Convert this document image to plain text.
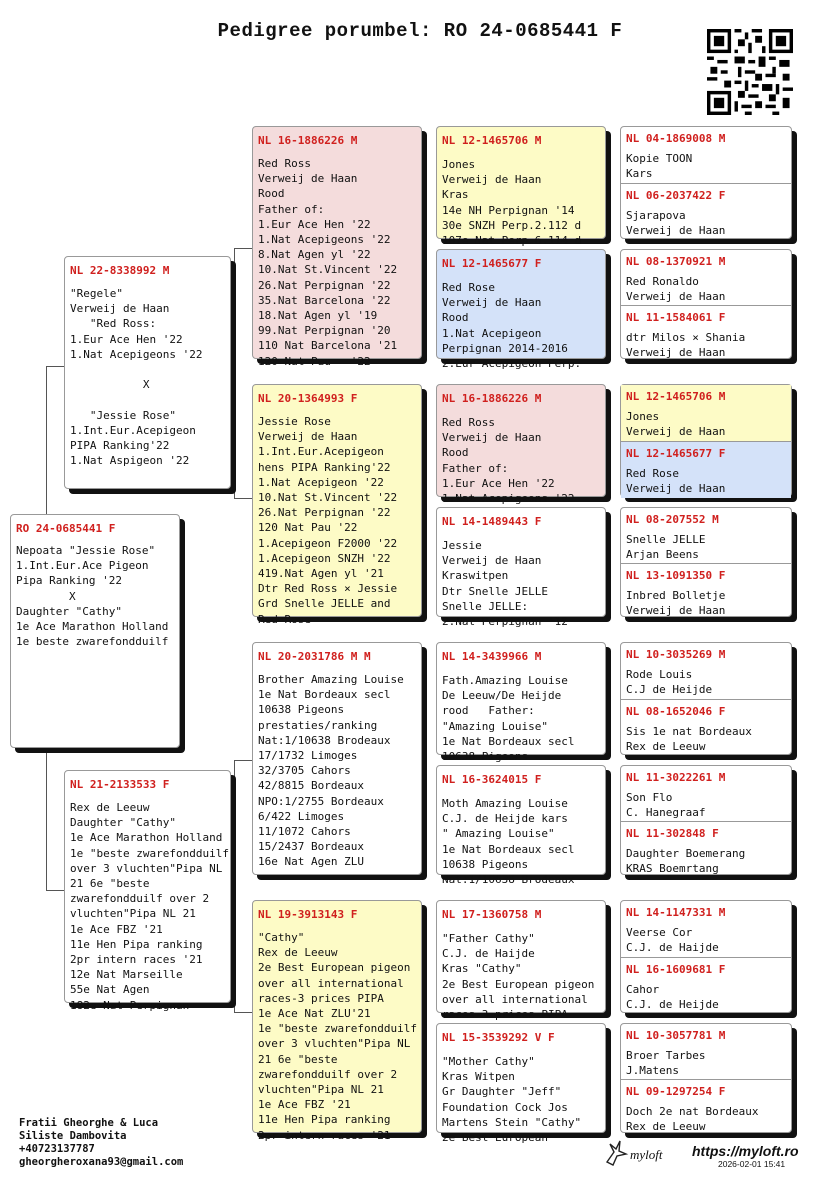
Pedigree porumbel: RO 24-0685441 F
RO 24-0685441 F
Nepoata "Jessie Rose"
1.Int.Eur.Ace Pigeon
Pipa Ranking '22
X
Daughter "Cathy"
1e Ace Marathon Holland
1e beste zwarefondduilf
NL 22-8338992 M
"Regele"
Verweij de Haan
"Red Ross:
1.Eur Ace Hen '22
1.Nat Acepigeons '22

X

"Jessie Rose"
1.Int.Eur.Acepigeon
PIPA Ranking'22
1.Nat Aspigeon '22
NL 21-2133533 F
Rex de Leeuw
Daughter "Cathy"
1e Ace Marathon Holland
1e "beste zwarefondduilf
over 3 vluchten"Pipa NL
21 6e "beste
zwarefondduilf over 2
vluchten"Pipa NL 21
1e Ace FBZ '21
11e Hen Pipa ranking
2pr intern races '21
12e Nat Marseille
55e Nat Agen
182e Nat Perpignan
NL 16-1886226 M
Red Ross
Verweij de Haan
Rood
Father of:
1.Eur Ace Hen '22
1.Nat Acepigeons '22
8.Nat Agen yl '22
10.Nat St.Vincent '22
26.Nat Perpignan '22
35.Nat Barcelona '22
18.Nat Agen yl '19
99.Nat Perpignan '20
110 Nat Barcelona '21
120 Nat Pau   '22
NL 20-1364993 F
Jessie Rose
Verweij de Haan
1.Int.Eur.Acepigeon
hens PIPA Ranking'22
1.Nat Acepigeon '22
10.Nat St.Vincent '22
26.Nat Perpignan '22
120 Nat Pau '22
1.Acepigeon F2000 '22
1.Acepigeon SNZH '22
419.Nat Agen yl '21
Dtr Red Ross × Jessie
Grd Snelle JELLE and
Red Rose
NL 20-2031786 M M
Brother Amazing Louise
1e Nat Bordeaux secl
10638 Pigeons
prestaties/ranking
Nat:1/10638 Brodeaux
17/1732 Limoges
32/3705 Cahors
42/8815 Bordeaux
NPO:1/2755 Bordeaux
6/422 Limoges
11/1072 Cahors
15/2437 Bordeaux
16e Nat Agen ZLU
NL 19-3913143 F
"Cathy"
Rex de Leeuw
2e Best European pigeon
over all international
races-3 prices PIPA
1e Ace Nat ZLU'21
1e "beste zwarefondduilf
over 3 vluchten"Pipa NL
21 6e "beste
zwarefondduilf over 2
vluchten"Pipa NL 21
1e Ace FBZ '21
11e Hen Pipa ranking
2pr intern races '21
NL 12-1465706 M
Jones
Verweij de Haan
Kras
14e NH Perpignan '14
30e SNZH Perp.2.112 d
107e Nat Perp.6.114 d
NL 12-1465677 F
Red Rose
Verweij de Haan
Rood
1.Nat Acepigeon
Perpignan 2014-2016
2.Eur Acepigeon Perp.
NL 16-1886226 M
Red Ross
Verweij de Haan
Rood
Father of:
1.Eur Ace Hen '22
1.Nat Acepigeons '22
NL 14-1489443 F
Jessie
Verweij de Haan
Kraswitpen
Dtr Snelle JELLE
Snelle JELLE:
2.Nat Perpignan '12
NL 14-3439966 M
Fath.Amazing Louise
De Leeuw/De Heijde
rood   Father:
"Amazing Louise"
1e Nat Bordeaux secl
10638 Pigeons
NL 16-3624015 F
Moth Amazing Louise
C.J. de Heijde kars
" Amazing Louise"
1e Nat Bordeaux secl
10638 Pigeons
Nat:1/10638 Brodeaux
NL 17-1360758 M
"Father Cathy"
C.J. de Haijde
Kras "Cathy"
2e Best European pigeon
over all international
races-3 prices PIPA
NL 15-3539292 V F
"Mother Cathy"
Kras Witpen
Gr Daughter "Jeff"
Foundation Cock Jos
Martens Stein "Cathy"
2e Best European
NL 04-1869008 M
Kopie TOON
Kars
NL 06-2037422 F
Sjarapova
Verweij de Haan
NL 08-1370921 M
Red Ronaldo
Verweij de Haan
NL 11-1584061 F
dtr Milos × Shania
Verweij de Haan
NL 12-1465706 M
Jones
Verweij de Haan
NL 12-1465677 F
Red Rose
Verweij de Haan
NL 08-207552 M
Snelle JELLE
Arjan Beens
NL 13-1091350 F
Inbred Bolletje
Verweij de Haan
NL 10-3035269 M
Rode Louis
C.J de Heijde
NL 08-1652046 F
Sis 1e nat Bordeaux
Rex de Leeuw
NL 11-3022261 M
Son Flo
C. Hanegraaf
NL 11-302848 F
Daughter Boemerang
KRAS Boemrtang
NL 14-1147331 M
Veerse Cor
C.J. de Haijde
NL 16-1609681 F
Cahor
C.J. de Heijde
NL 10-3057781 M
Broer Tarbes
J.Matens
NL 09-1297254 F
Doch 2e nat Bordeaux
Rex de Leeuw
Fratii Gheorghe & Luca
Siliste Dambovita
+40723137787
gheorgheroxana93@gmail.com	myloft https://myloft.ro
2026-02-01 15:41
